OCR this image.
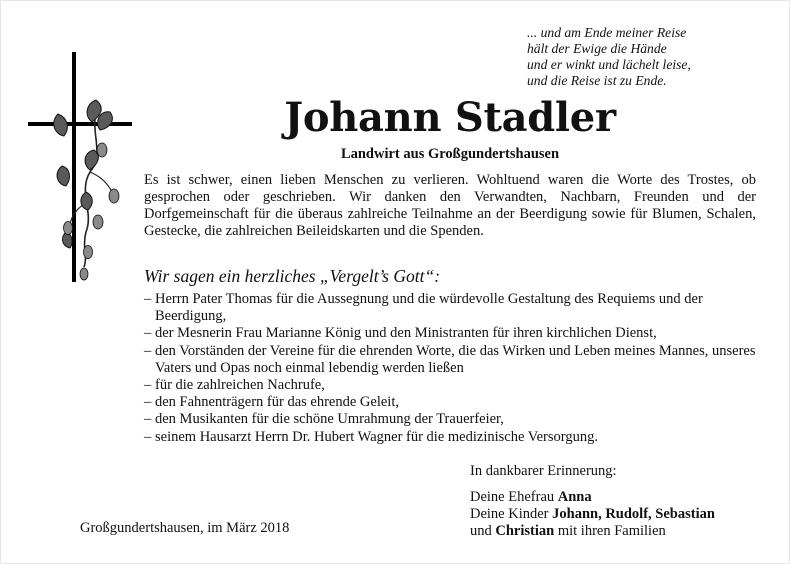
... und am Ende meiner Reise
hält der Ewige die Hände
und er winkt und lächelt leise,
und die Reise ist zu Ende.
Johann Stadler
Landwirt aus Großgundertshausen
Es ist schwer, einen lieben Menschen zu verlieren. Wohltuend waren die Worte des Trostes, ob gesprochen oder geschrieben. Wir danken den Verwandten, Nachbarn, Freunden und der Dorfgemeinschaft für die überaus zahlreiche Teilnahme an der Beerdigung sowie für Blumen, Schalen, Gestecke, die zahlreichen Beileidskarten und die Spenden.
Wir sagen ein herzliches „Vergelt’s Gott“:
– Herrn Pater Thomas für die Aussegnung und die würdevolle Gestaltung des Requiems und der Beerdigung,
– der Mesnerin Frau Marianne König und den Ministranten für ihren kirchlichen Dienst,
– den Vorständen der Vereine für die ehrenden Worte, die das Wirken und Leben meines Mannes, unseres Vaters und Opas noch einmal lebendig werden ließen
– für die zahlreichen Nachrufe,
– den Fahnenträgern für das ehrende Geleit,
– den Musikanten für die schöne Umrahmung der Trauerfeier,
– seinem Hausarzt Herrn Dr. Hubert Wagner für die medizinische Versorgung.
In dankbarer Erinnerung:
Deine Ehefrau Anna
Deine Kinder Johann, Rudolf, Sebastian
und Christian mit ihren Familien
Großgundertshausen, im März 2018
